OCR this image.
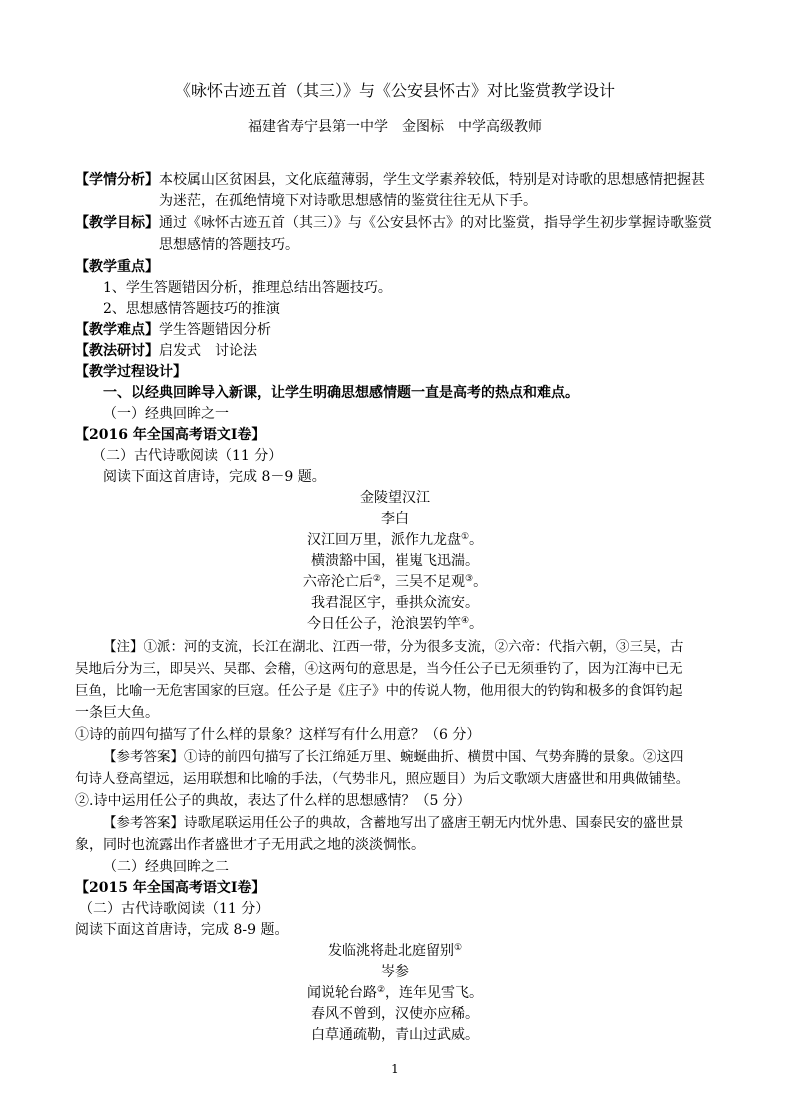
《咏怀古迹五首（其三）》与《公安县怀古》对比鉴赏教学设计
福建省寿宁县第一中学　金图标　中学高级教师
【学情分析】本校属山区贫困县，文化底蕴薄弱，学生文学素养较低，特别是对诗歌的思想感情把握甚
为迷茫，在孤绝情境下对诗歌思想感情的鉴赏往往无从下手。
【教学目标】通过《咏怀古迹五首（其三）》与《公安县怀古》的对比鉴赏，指导学生初步掌握诗歌鉴赏
思想感情的答题技巧。
【教学重点】
1、学生答题错因分析，推理总结出答题技巧。
2、思想感情答题技巧的推演
【教学难点】学生答题错因分析
【教法研讨】启发式　讨论法
【教学过程设计】
一、以经典回眸导入新课，让学生明确思想感情题一直是高考的热点和难点。
（一）经典回眸之一
【2016 年全国高考语文Ⅰ卷】
（二）古代诗歌阅读（11 分）
阅读下面这首唐诗，完成 8－9 题。
金陵望汉江
李白
汉江回万里，派作九龙盘①。
横溃豁中国，崔嵬飞迅湍。
六帝沦亡后②，三吴不足观③。
我君混区宇，垂拱众流安。
今日任公子，沧浪罢钓竿④。
【注】①派：河的支流，长江在湖北、江西一带，分为很多支流，②六帝：代指六朝，③三吴，古
吴地后分为三，即吴兴、吴郡、会稽，④这两句的意思是，当今任公子已无须垂钓了，因为江海中已无
巨鱼，比喻一无危害国家的巨寇。任公子是《庄子》中的传说人物，他用很大的钓钩和极多的食饵钓起
一条巨大鱼。
①诗的前四句描写了什么样的景象？这样写有什么用意？（6 分）
【参考答案】①诗的前四句描写了长江绵延万里、蜿蜒曲折、横贯中国、气势奔腾的景象。②这四
句诗人登高望远，运用联想和比喻的手法，（气势非凡，照应题目）为后文歌颂大唐盛世和用典做铺垫。
②.诗中运用任公子的典故，表达了什么样的思想感情？（5 分）
【参考答案】诗歌尾联运用任公子的典故，含蓄地写出了盛唐王朝无内忧外患、国泰民安的盛世景
象，同时也流露出作者盛世才子无用武之地的淡淡惆怅。
（二）经典回眸之二
【2015 年全国高考语文Ⅰ卷】
（二）古代诗歌阅读（11 分）
阅读下面这首唐诗，完成 8-9 题。
发临洮将赴北庭留别①
岑参
闻说轮台路②，连年见雪飞。
春风不曾到，汉使亦应稀。
白草通疏勒，青山过武威。
1
